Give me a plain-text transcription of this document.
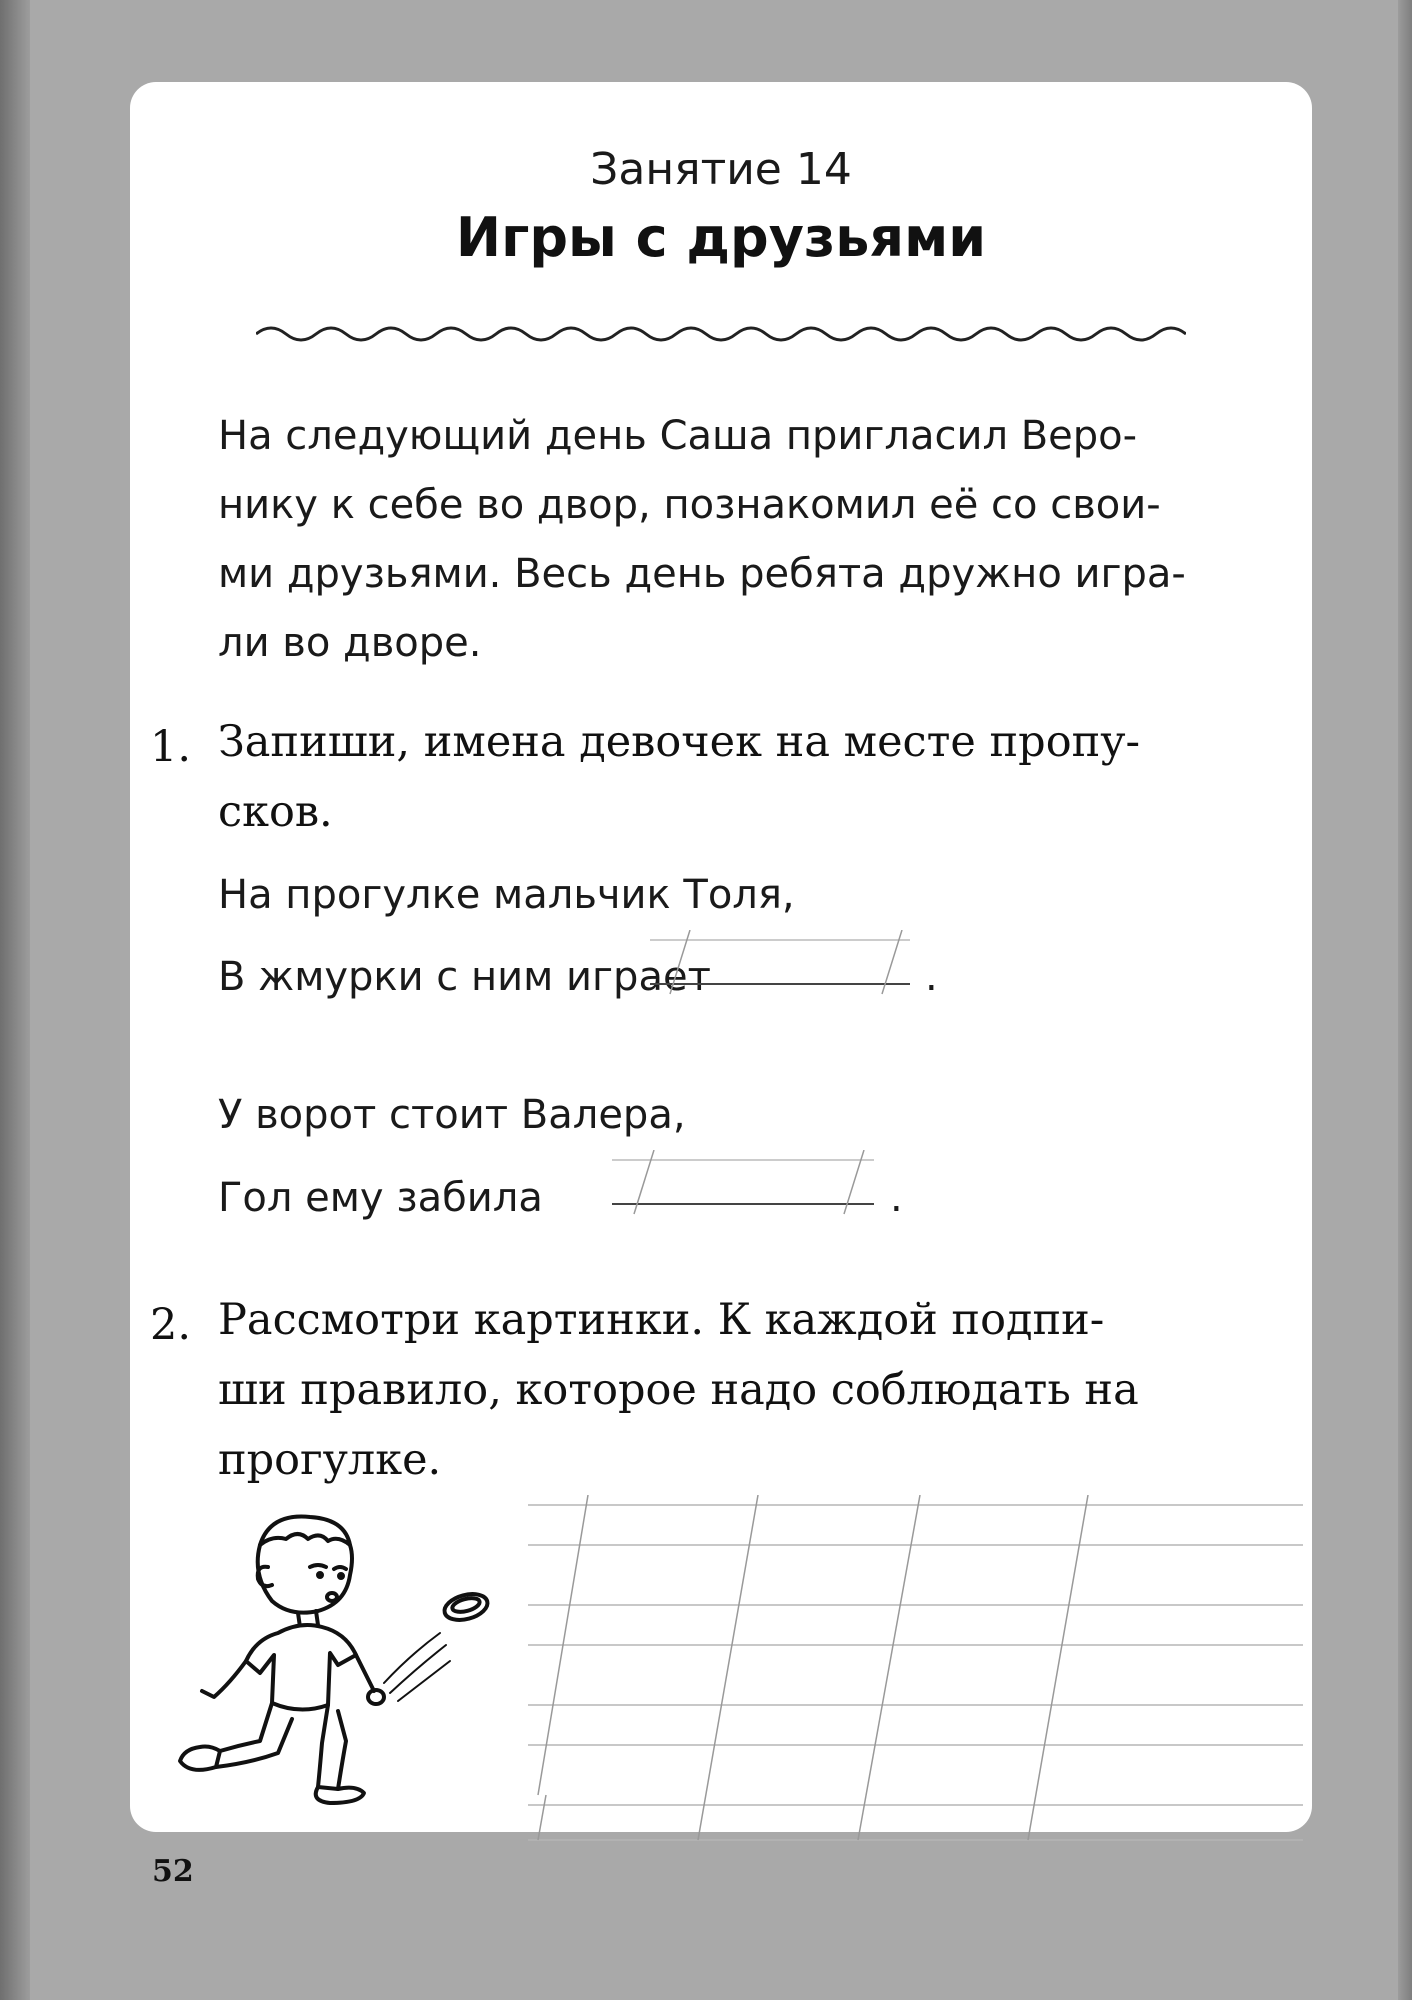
Занятие 14
Игры с друзьями
На следующий день Саша пригласил Веро-
нику к себе во двор, познакомил её со свои-
ми друзьями. Весь день ребята дружно игра-
ли во дворе.
1. Запиши, имена девочек на месте пропу-
сков.
На прогулке мальчик Толя,
В жмурки с ним играет	.
У ворот стоит Валера,
Гол ему забила	.
2. Рассмотри картинки. К каждой подпи-
ши правило, которое надо соблюдать на
прогулке.
52
